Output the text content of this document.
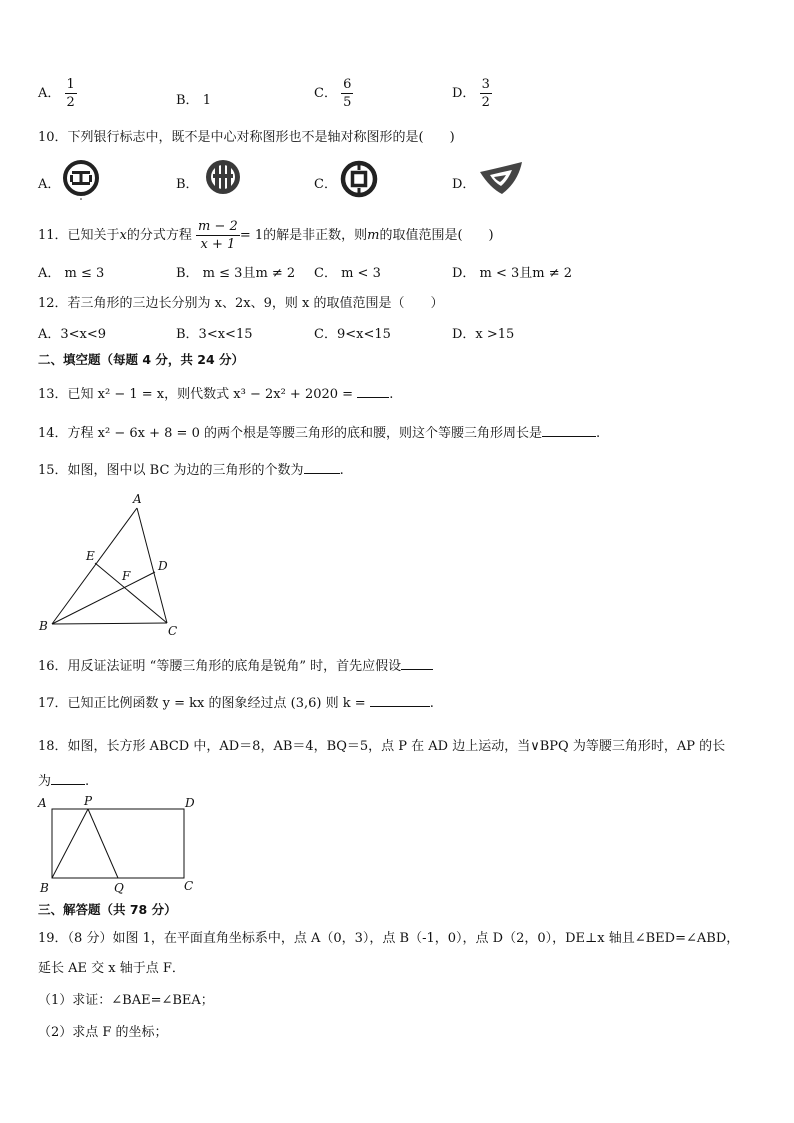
A． $\frac{1}{2}$	B． 1	C． $\frac{6}{5}$	D． $\frac{3}{2}$
10．下列银行标志中，既不是中心对称图形也不是轴对称图形的是(　　)
A．	B．	C．	D．
11．已知关于x的分式方程 $\frac{m - 2}{x + 1} = 1$的解是非正数，则m的取值范围是(　　)
A． m ≤ 3	B． m ≤ 3且m ≠ 2 C． m < 3	D． m < 3且m ≠ 2
12．若三角形的三边长分别为 x、2x、9，则 x 的取值范围是（　　）
A．3<x<9	B．3<x<15	C．9<x<15	D．x >15
二、填空题（每题 4 分，共 24 分）
13．已知 x² − 1 = x，则代数式 x³ − 2x² + 2020 = .
14．方程 x² − 6x + 8 = 0 的两个根是等腰三角形的底和腰，则这个等腰三角形周长是	.
15．如图，图中以 BC 为边的三角形的个数为	.
A
B	C
D
E
F
16．用反证法证明 “等腰三角形的底角是锐角” 时，首先应假设
17．已知正比例函数 y = kx 的图象经过点 (3,6) 则 k =	.
18．如图，长方形 ABCD 中，AD＝8，AB＝4，BQ＝5，点 P 在 AD 边上运动，当∨BPQ 为等腰三角形时，AP 的长
为	.
A	P	D
B	Q	C
三、解答题（共 78 分）
19．（8 分）如图 1，在平面直角坐标系中，点 A（0，3），点 B（-1，0），点 D（2，0），DE⊥x 轴且∠BED=∠ABD，
延长 AE 交 x 轴于点 F．
（1）求证：∠BAE=∠BEA；
（2）求点 F 的坐标；
